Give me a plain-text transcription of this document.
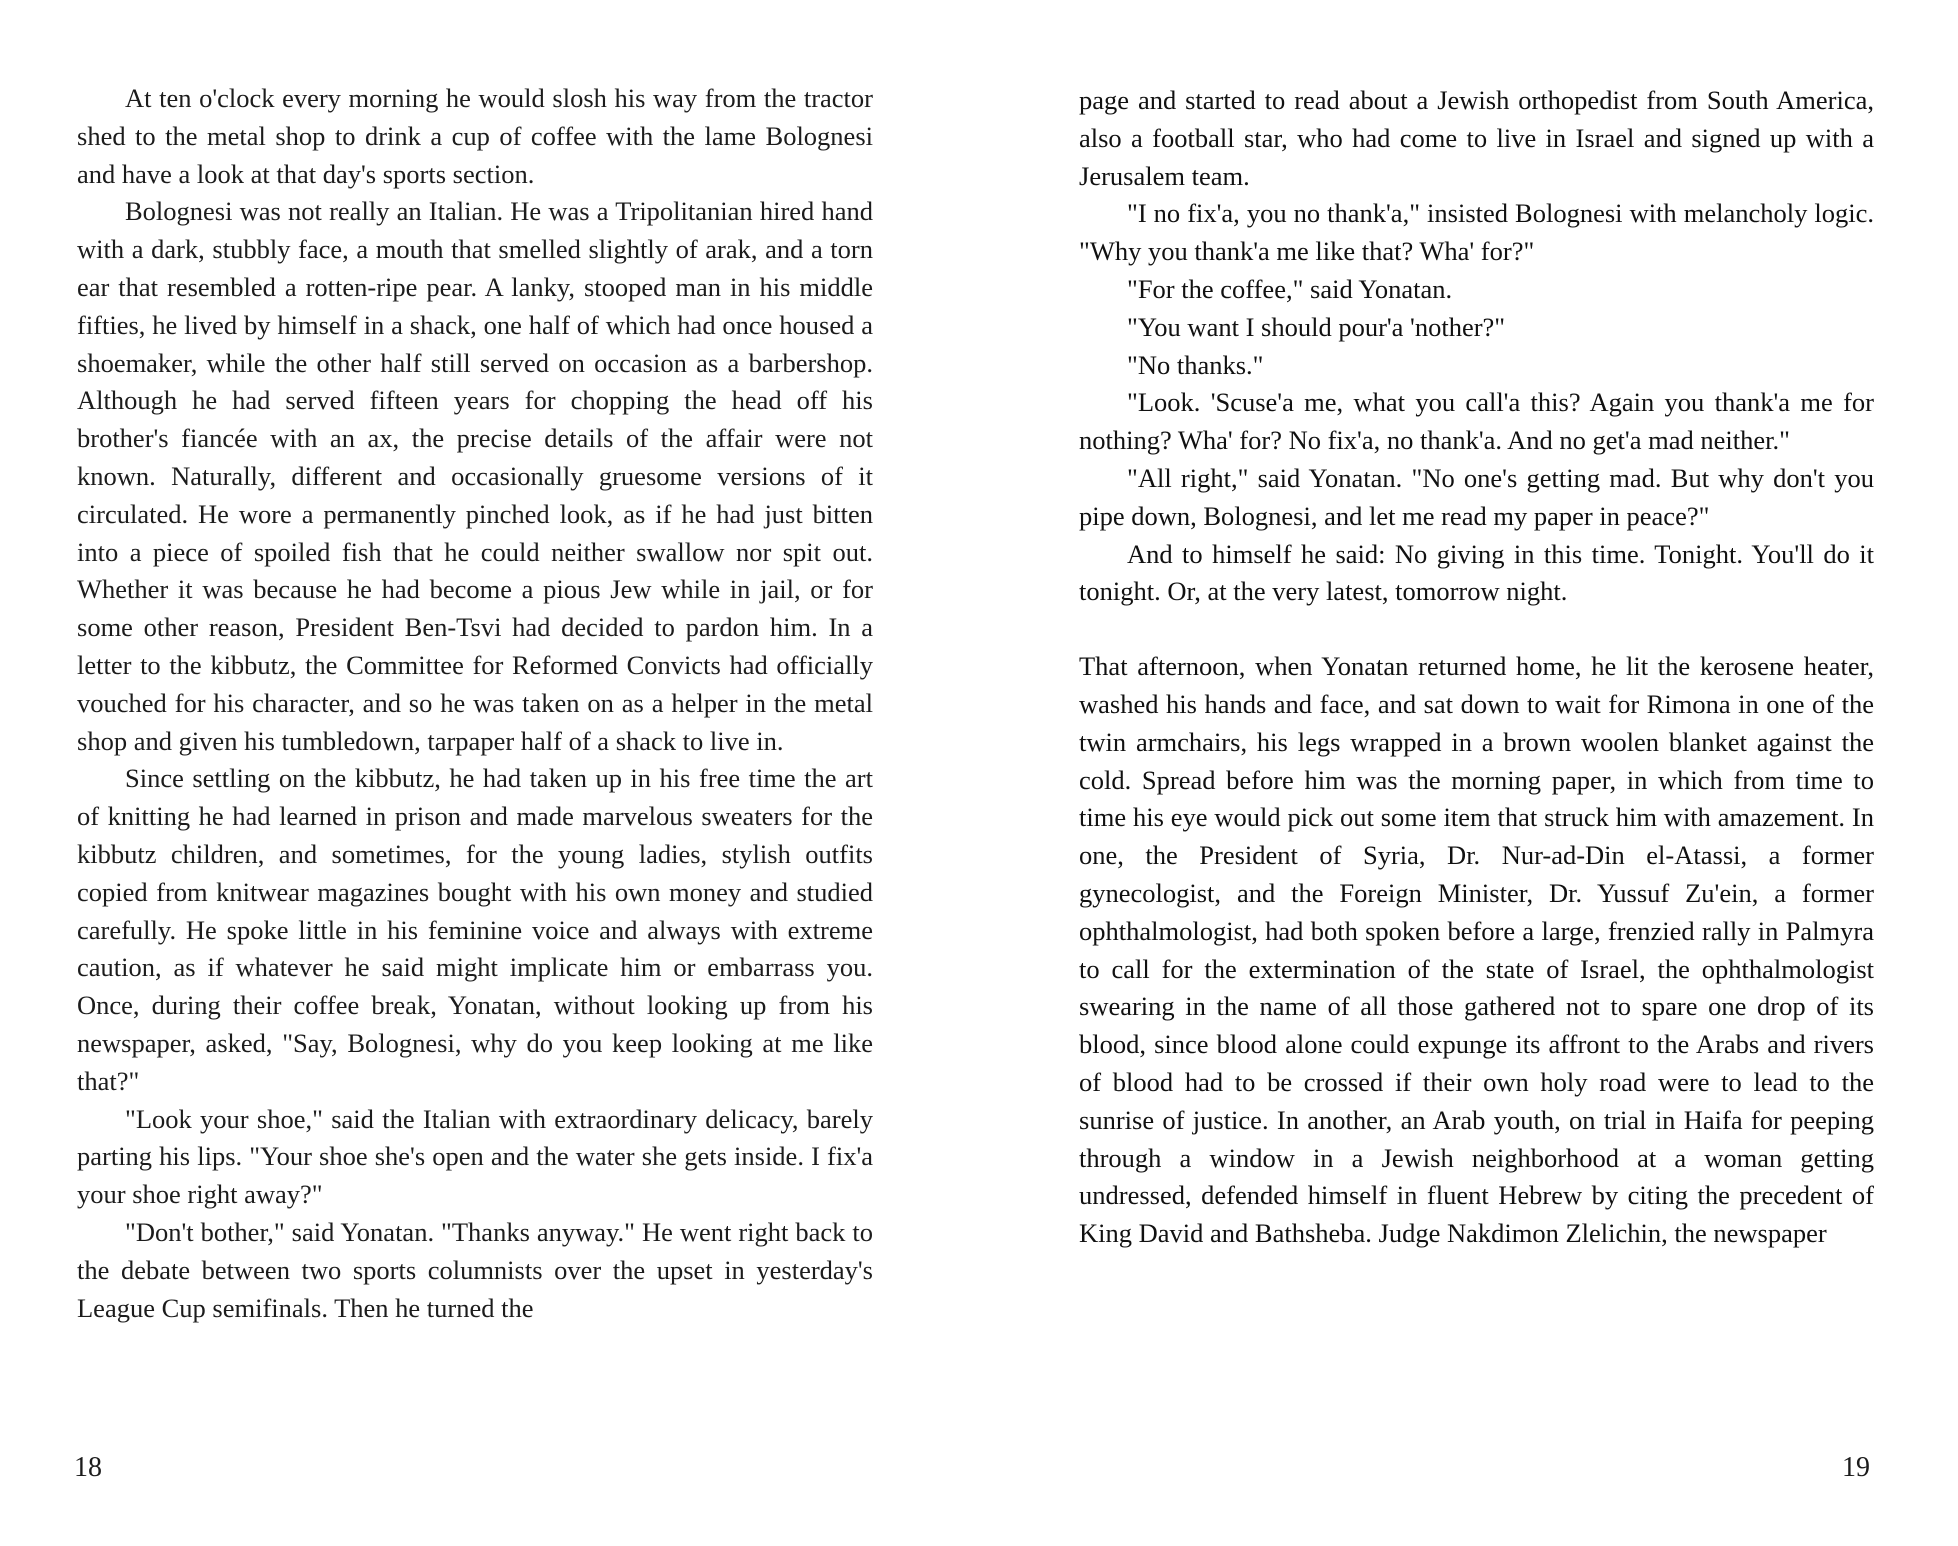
At ten o'clock every morning he would slosh his way from the tractor shed to the metal shop to drink a cup of coffee with the lame Bolognesi and have a look at that day's sports section.

Bolognesi was not really an Italian. He was a Tripolitanian hired hand with a dark, stubbly face, a mouth that smelled slightly of arak, and a torn ear that resembled a rotten-ripe pear. A lanky, stooped man in his middle fifties, he lived by himself in a shack, one half of which had once housed a shoemaker, while the other half still served on occasion as a barbershop. Although he had served fifteen years for chopping the head off his brother's fiancée with an ax, the precise details of the affair were not known. Naturally, different and occasionally gruesome versions of it circulated. He wore a permanently pinched look, as if he had just bitten into a piece of spoiled fish that he could neither swallow nor spit out. Whether it was because he had become a pious Jew while in jail, or for some other reason, President Ben-Tsvi had decided to pardon him. In a letter to the kibbutz, the Committee for Reformed Convicts had officially vouched for his character, and so he was taken on as a helper in the metal shop and given his tumbledown, tarpaper half of a shack to live in.

Since settling on the kibbutz, he had taken up in his free time the art of knitting he had learned in prison and made marvelous sweaters for the kibbutz children, and sometimes, for the young ladies, stylish outfits copied from knitwear magazines bought with his own money and studied carefully. He spoke little in his feminine voice and always with extreme caution, as if whatever he said might implicate him or embarrass you. Once, during their coffee break, Yonatan, without looking up from his newspaper, asked, "Say, Bolognesi, why do you keep looking at me like that?"

"Look your shoe," said the Italian with extraordinary delicacy, barely parting his lips. "Your shoe she's open and the water she gets inside. I fix'a your shoe right away?"

"Don't bother," said Yonatan. "Thanks anyway." He went right back to the debate between two sports columnists over the upset in yesterday's League Cup semifinals. Then he turned the

18

page and started to read about a Jewish orthopedist from South America, also a football star, who had come to live in Israel and signed up with a Jerusalem team.

"I no fix'a, you no thank'a," insisted Bolognesi with melancholy logic. "Why you thank'a me like that? Wha' for?"

"For the coffee," said Yonatan.

"You want I should pour'a 'nother?"

"No thanks."

"Look. 'Scuse'a me, what you call'a this? Again you thank'a me for nothing? Wha' for? No fix'a, no thank'a. And no get'a mad neither."

"All right," said Yonatan. "No one's getting mad. But why don't you pipe down, Bolognesi, and let me read my paper in peace?"

And to himself he said: No giving in this time. Tonight. You'll do it tonight. Or, at the very latest, tomorrow night.

That afternoon, when Yonatan returned home, he lit the kerosene heater, washed his hands and face, and sat down to wait for Rimona in one of the twin armchairs, his legs wrapped in a brown woolen blanket against the cold. Spread before him was the morning paper, in which from time to time his eye would pick out some item that struck him with amazement. In one, the President of Syria, Dr. Nur-ad-Din el-Atassi, a former gynecologist, and the Foreign Minister, Dr. Yussuf Zu'ein, a former ophthalmologist, had both spoken before a large, frenzied rally in Palmyra to call for the extermination of the state of Israel, the ophthalmologist swearing in the name of all those gathered not to spare one drop of its blood, since blood alone could expunge its affront to the Arabs and rivers of blood had to be crossed if their own holy road were to lead to the sunrise of justice. In another, an Arab youth, on trial in Haifa for peeping through a window in a Jewish neighborhood at a woman getting undressed, defended himself in fluent Hebrew by citing the precedent of King David and Bathsheba. Judge Nakdimon Zlelichin, the newspaper

19
